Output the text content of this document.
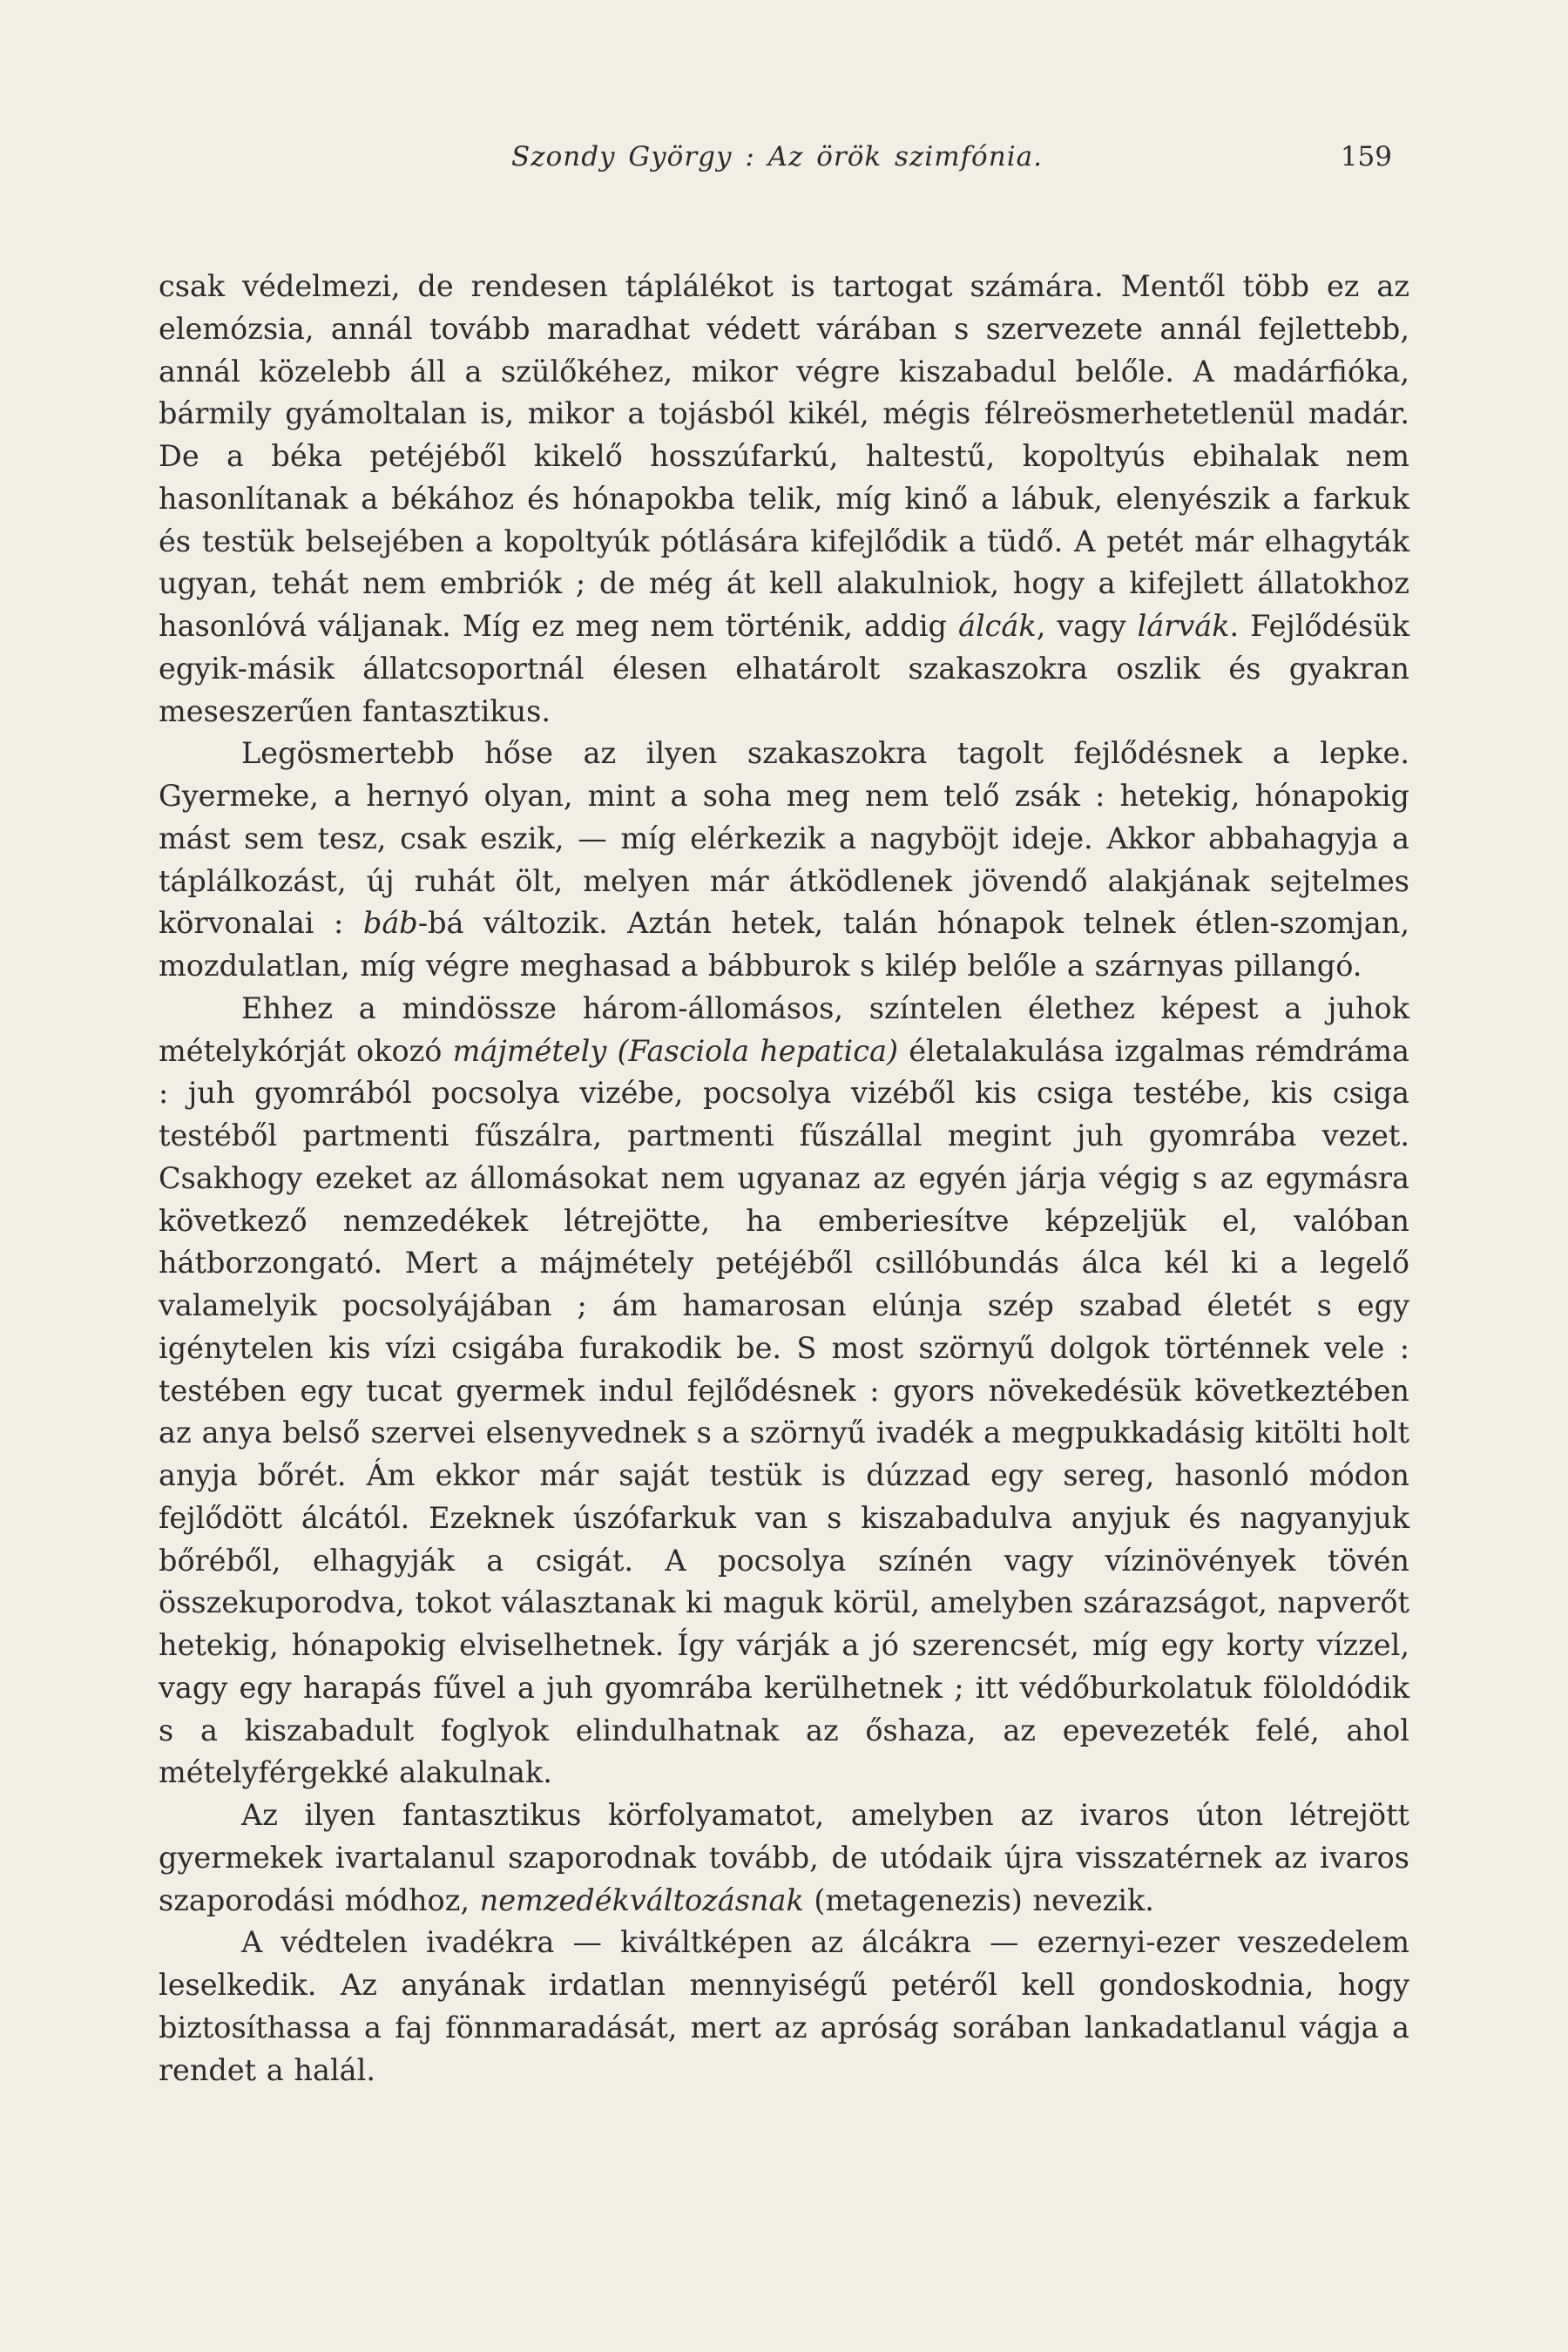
Szondy György : Az örök szimfónia.	159

csak védelmezi, de rendesen táplálékot is tartogat számára. Mentől több ez az elemózsia, annál tovább maradhat védett várában s szervezete annál fejlettebb, annál közelebb áll a szülőkéhez, mikor végre kiszabadul belőle. A madárfióka, bármily gyámoltalan is, mikor a tojásból kikél, mégis félreösmerhetetlenül madár. De a béka petéjéből kikelő hosszúfarkú, haltestű, kopoltyús ebihalak nem hasonlítanak a békához és hónapokba telik, míg kinő a lábuk, elenyészik a farkuk és testük belsejében a kopoltyúk pótlására kifejlődik a tüdő. A petét már elhagyták ugyan, tehát nem embriók ; de még át kell alakulniok, hogy a kifejlett állatokhoz hasonlóvá váljanak. Míg ez meg nem történik, addig álcák, vagy lárvák. Fejlődésük egyik-másik állatcsoportnál élesen elhatárolt szakaszokra oszlik és gyakran meseszerűen fantasztikus.

Legösmertebb hőse az ilyen szakaszokra tagolt fejlődésnek a lepke. Gyermeke, a hernyó olyan, mint a soha meg nem telő zsák : hetekig, hónapokig mást sem tesz, csak eszik, — míg elérkezik a nagyböjt ideje. Akkor abbahagyja a táplálkozást, új ruhát ölt, melyen már átködlenek jövendő alakjának sejtelmes körvonalai : báb-bá változik. Aztán hetek, talán hónapok telnek étlen-szomjan, mozdulatlan, míg végre meghasad a bábburok s kilép belőle a szárnyas pillangó.

Ehhez a mindössze három-állomásos, színtelen élethez képest a juhok mételykórját okozó májmétely (Fasciola hepatica) életalakulása izgalmas rémdráma : juh gyomrából pocsolya vizébe, pocsolya vizéből kis csiga testébe, kis csiga testéből partmenti fűszálra, partmenti fűszállal megint juh gyomrába vezet. Csakhogy ezeket az állomásokat nem ugyanaz az egyén járja végig s az egymásra következő nemzedékek létrejötte, ha emberiesítve képzeljük el, valóban hátborzongató. Mert a májmétely petéjéből csillóbundás álca kél ki a legelő valamelyik pocsolyájában ; ám hamarosan elúnja szép szabad életét s egy igénytelen kis vízi csigába furakodik be. S most szörnyű dolgok történnek vele : testében egy tucat gyermek indul fejlődésnek : gyors növekedésük következtében az anya belső szervei elsenyvednek s a szörnyű ivadék a megpukkadásig kitölti holt anyja bőrét. Ám ekkor már saját testük is dúzzad egy sereg, hasonló módon fejlődött álcától. Ezeknek úszófarkuk van s kiszabadulva anyjuk és nagyanyjuk bőréből, elhagyják a csigát. A pocsolya színén vagy vízinövények tövén összekuporodva, tokot választanak ki maguk körül, amelyben szárazságot, napverőt hetekig, hónapokig elviselhetnek. Így várják a jó szerencsét, míg egy korty vízzel, vagy egy harapás fűvel a juh gyomrába kerülhetnek ; itt védőburkolatuk föloldódik s a kiszabadult foglyok elindulhatnak az őshaza, az epevezeték felé, ahol mételyférgekké alakulnak.

Az ilyen fantasztikus körfolyamatot, amelyben az ivaros úton létrejött gyermekek ivartalanul szaporodnak tovább, de utódaik újra visszatérnek az ivaros szaporodási módhoz, nemzedékváltozásnak (metagenezis) nevezik.

A védtelen ivadékra — kiváltképen az álcákra — ezernyi-ezer veszedelem leselkedik. Az anyának irdatlan mennyiségű petéről kell gondoskodnia, hogy biztosíthassa a faj fönnmaradását, mert az apróság sorában lankadatlanul vágja a rendet a halál.
